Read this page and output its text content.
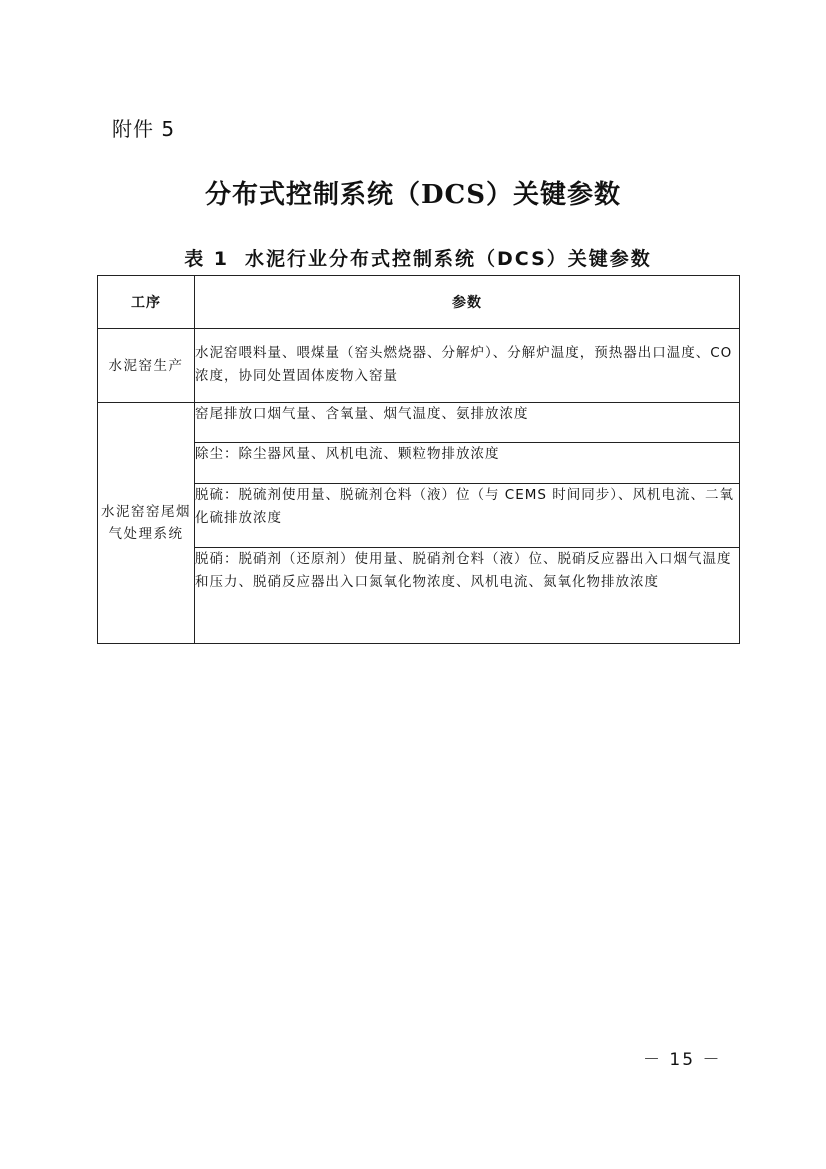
附件 5
分布式控制系统（DCS）关键参数
表 1 水泥行业分布式控制系统（DCS）关键参数
工序	参数
水泥窑生产	水泥窑喂料量、喂煤量（窑头燃烧器、分解炉）、分解炉温度，预热器出口温度、CO 浓度，协同处置固体废物入窑量
水泥窑窑尾烟气处理系统	窑尾排放口烟气量、含氧量、烟气温度、氨排放浓度
	除尘：除尘器风量、风机电流、颗粒物排放浓度
	脱硫：脱硫剂使用量、脱硫剂仓料（液）位（与 CEMS 时间同步）、风机电流、二氧化硫排放浓度
	脱硝：脱硝剂（还原剂）使用量、脱硝剂仓料（液）位、脱硝反应器出入口烟气温度和压力、脱硝反应器出入口氮氧化物浓度、风机电流、氮氧化物排放浓度
－ 15 －
